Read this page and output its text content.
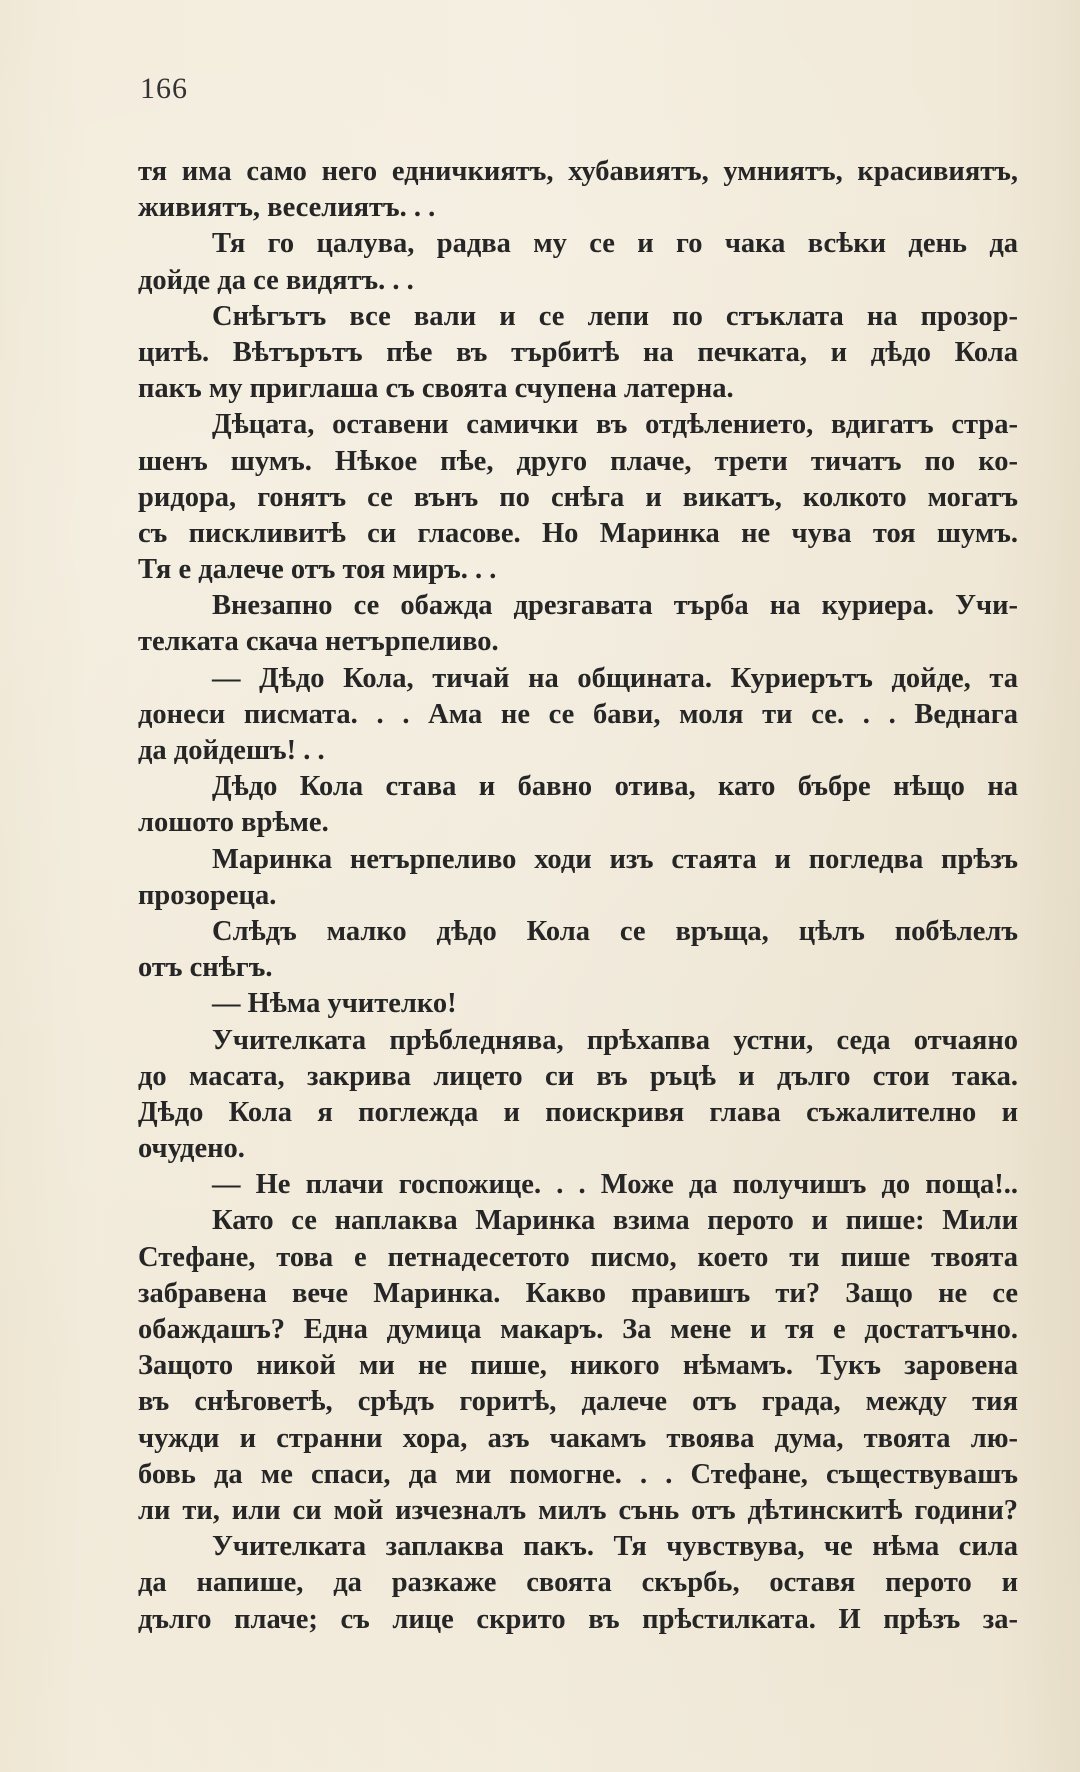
166
тя има само него едничкиятъ, хубавиятъ, умниятъ, красивиятъ,
живиятъ, веселиятъ. . .
Тя го цалува, радва му се и го чака всѣки день да
дойде да се видятъ. . .
Снѣгътъ все вали и се лепи по стъклата на прозор-
цитѣ. Вѣтърътъ пѣе въ търбитѣ на печката, и дѣдо Кола
пакъ му приглаша съ своята счупена латерна.
Дѣцата, оставени самички въ отдѣлението, вдигатъ стра-
шенъ шумъ. Нѣкое пѣе, друго плаче, трети тичатъ по ко-
ридора, гонятъ се вънъ по снѣга и викатъ, колкото могатъ
съ пискливитѣ си гласове. Но Маринка не чува тоя шумъ.
Тя е далече отъ тоя миръ. . .
Внезапно се обажда дрезгавата търба на куриера. Учи-
телката скача нетърпеливо.
— Дѣдо Кола, тичай на общината. Куриерътъ дойде, та
донеси писмата. . . Ама не се бави, моля ти се. . . Веднага
да дойдешъ! . .
Дѣдо Кола става и бавно отива, като бъбре нѣщо на
лошото врѣме.
Маринка нетърпеливо ходи изъ стаята и погледва прѣзъ
прозореца.
Слѣдъ малко дѣдо Кола се връща, цѣлъ побѣлелъ
отъ снѣгъ.
— Нѣма учителко!
Учителката прѣбледнява, прѣхапва устни, седа отчаяно
до масата, закрива лицето си въ ръцѣ и дълго стои така.
Дѣдо Кола я поглежда и поискривя глава съжалително и
очудено.
— Не плачи госпожице. . . Може да получишъ до поща!..
Като се наплаква Маринка взима перото и пише: Мили
Стефане, това е петнадесетото писмо, което ти пише твоята
забравена вече Маринка. Какво правишъ ти? Защо не се
обаждашъ? Една думица макаръ. За мене и тя е достатъчно.
Защото никой ми не пише, никого нѣмамъ. Тукъ заровена
въ снѣговетѣ, срѣдъ горитѣ, далече отъ града, между тия
чужди и странни хора, азъ чакамъ твоява дума, твоята лю-
бовь да ме спаси, да ми помогне. . . Стефане, съществувашъ
ли ти, или си мой изчезналъ милъ сънь отъ дѣтинскитѣ години?
Учителката заплаква пакъ. Тя чувствува, че нѣма сила
да напише, да разкаже своята скърбь, оставя перото и
дълго плаче; съ лице скрито въ прѣстилката. И прѣзъ за-
